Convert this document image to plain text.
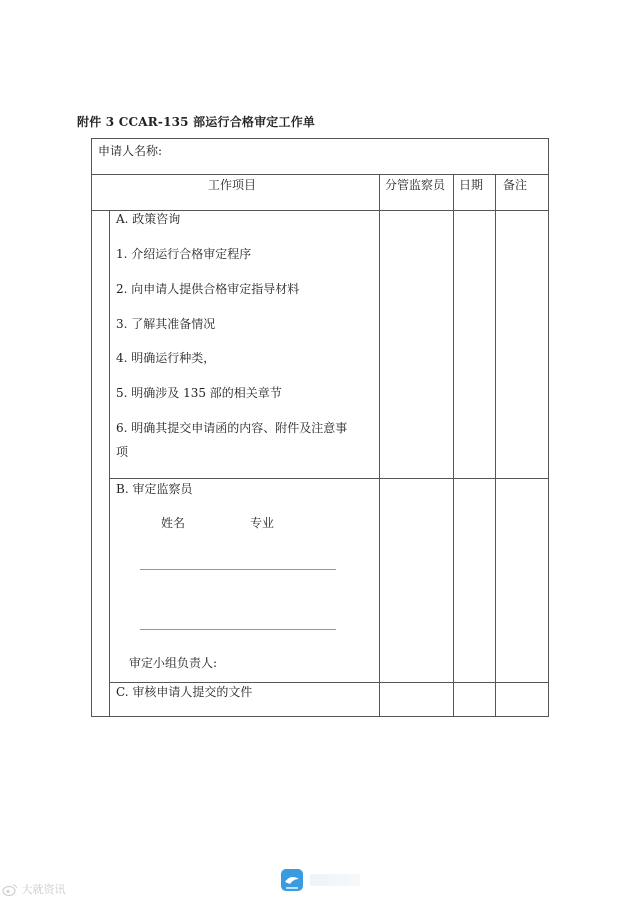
附件 3 CCAR-135 部运行合格审定工作单
申请人名称:
工作项目	分管监察员 日期 备注
A. 政策咨询
1. 介绍运行合格审定程序
2. 向申请人提供合格审定指导材料
3. 了解其准备情况
4. 明确运行种类，
5. 明确涉及 135 部的相关章节
6. 明确其提交申请函的内容、附件及注意事
项
B. 审定监察员
姓名	专业
审定小组负责人:
C. 审核申请人提交的文件
大就资讯
